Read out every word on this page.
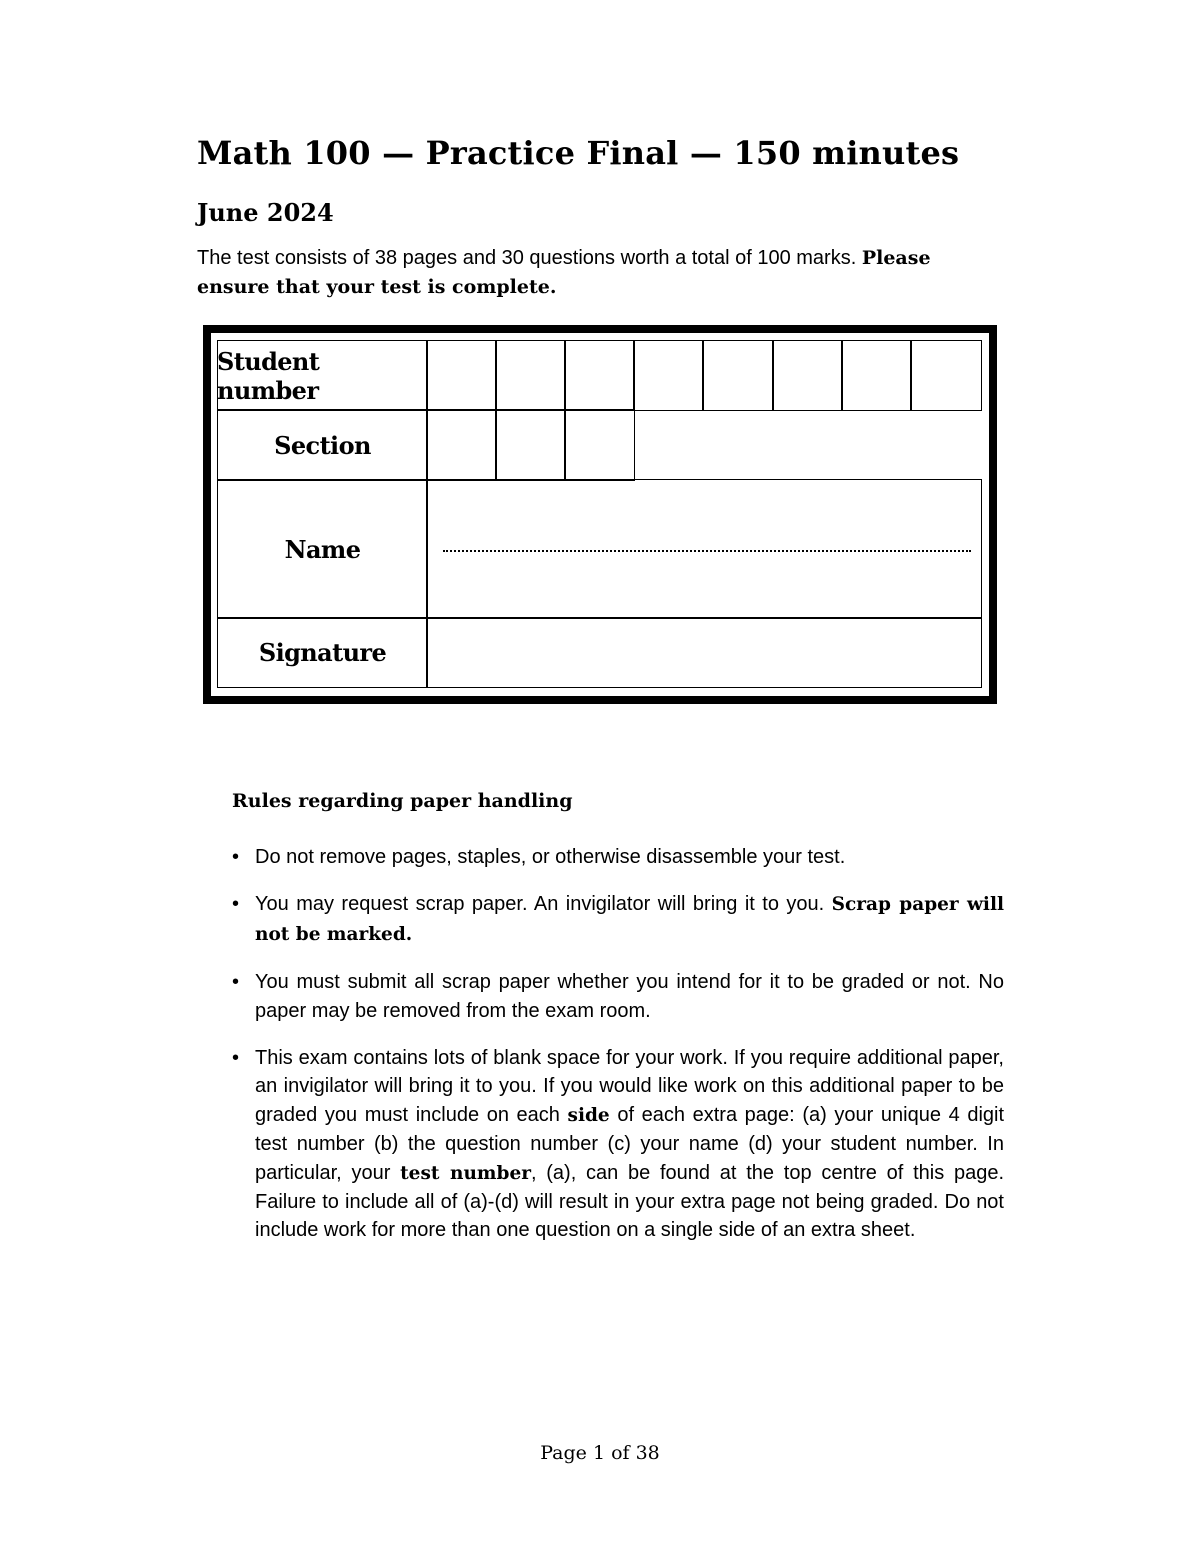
Math 100 — Practice Final — 150 minutes
June 2024

The test consists of 38 pages and 30 questions worth a total of 100 marks. Please ensure that your test is complete.

Student number
Section
Name
Signature
Rules regarding paper handling
• Do not remove pages, staples, or otherwise disassemble your test.
• You may request scrap paper. An invigilator will bring it to you. Scrap paper will not be marked.
• You must submit all scrap paper whether you intend for it to be graded or not. No paper may be removed from the exam room.
• This exam contains lots of blank space for your work. If you require additional paper, an invigilator will bring it to you. If you would like work on this additional paper to be graded you must include on each side of each extra page: (a) your unique 4 digit test number (b) the question number (c) your name (d) your student number. In particular, your test number, (a), can be found at the top centre of this page. Failure to include all of (a)-(d) will result in your extra page not being graded. Do not include work for more than one question on a single side of an extra sheet.
Page 1 of 38
